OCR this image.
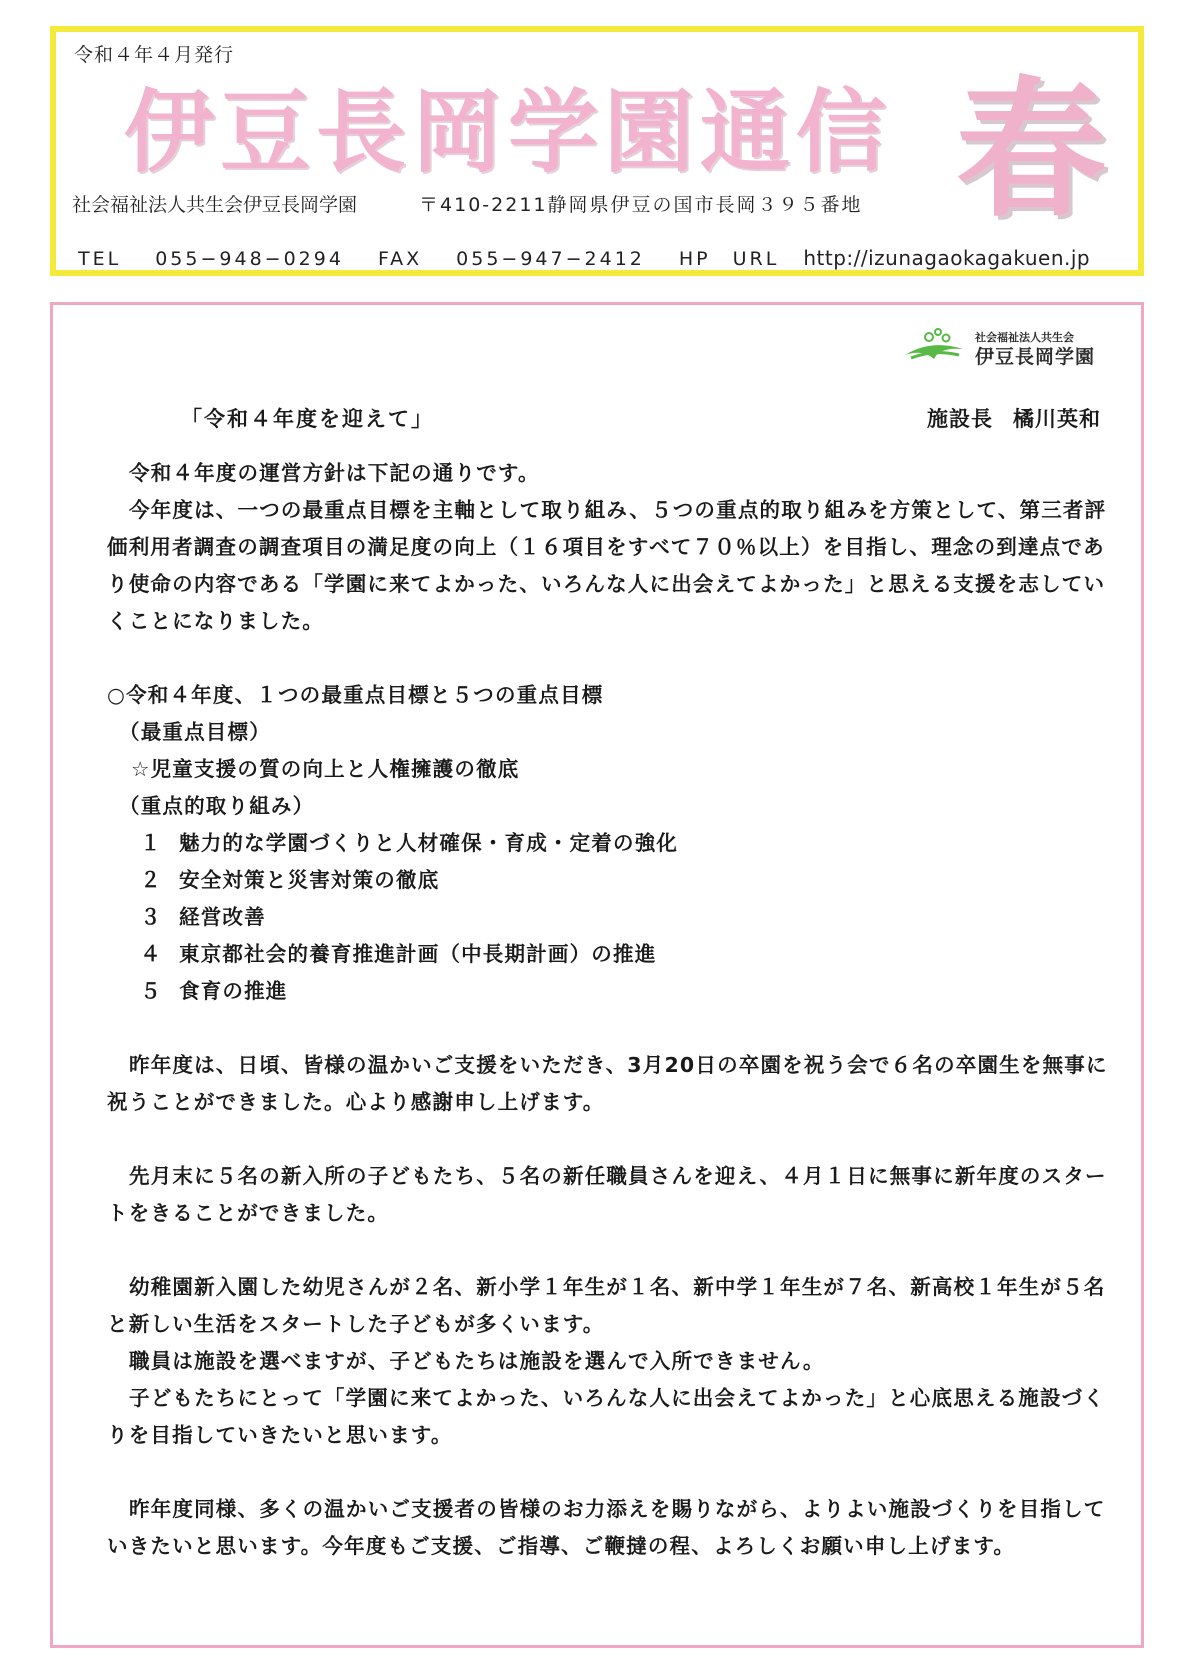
令和４年４月発行
伊豆長岡学園通信 春
社会福祉法人共生会伊豆長岡学園	〒410-2211静岡県伊豆の国市長岡３９５番地
TEL 055−948−0294 FAX 055−947−2412 HP URL http://izunagaokagakuen.jp
社会福祉法人共生会
伊豆長岡学園
「令和４年度を迎えて」	施設長 橘川英和

令和４年度の運営方針は下記の通りです。

今年度は、一つの最重点目標を主軸として取り組み、５つの重点的取り組みを方策として、第三者評価利用者調査の調査項目の満足度の向上（１６項目をすべて７０％以上）を目指し、理念の到達点であり使命の内容である「学園に来てよかった、いろんな人に出会えてよかった」と思える支援を志していくことになりました。

○令和４年度、１つの最重点目標と５つの重点目標

（最重点目標）

☆児童支援の質の向上と人権擁護の徹底

（重点的取り組み）

１ 魅力的な学園づくりと人材確保・育成・定着の強化

２ 安全対策と災害対策の徹底

３ 経営改善

４ 東京都社会的養育推進計画（中長期計画）の推進

５ 食育の推進

昨年度は、日頃、皆様の温かいご支援をいただき、3月20日の卒園を祝う会で６名の卒園生を無事に祝うことができました。心より感謝申し上げます。

先月末に５名の新入所の子どもたち、５名の新任職員さんを迎え、４月１日に無事に新年度のスタートをきることができました。

幼稚園新入園した幼児さんが２名、新小学１年生が１名、新中学１年生が７名、新高校１年生が５名と新しい生活をスタートした子どもが多くいます。

職員は施設を選べますが、子どもたちは施設を選んで入所できません。

子どもたちにとって「学園に来てよかった、いろんな人に出会えてよかった」と心底思える施設づくりを目指していきたいと思います。

昨年度同様、多くの温かいご支援者の皆様のお力添えを賜りながら、よりよい施設づくりを目指していきたいと思います。今年度もご支援、ご指導、ご鞭撻の程、よろしくお願い申し上げます。
